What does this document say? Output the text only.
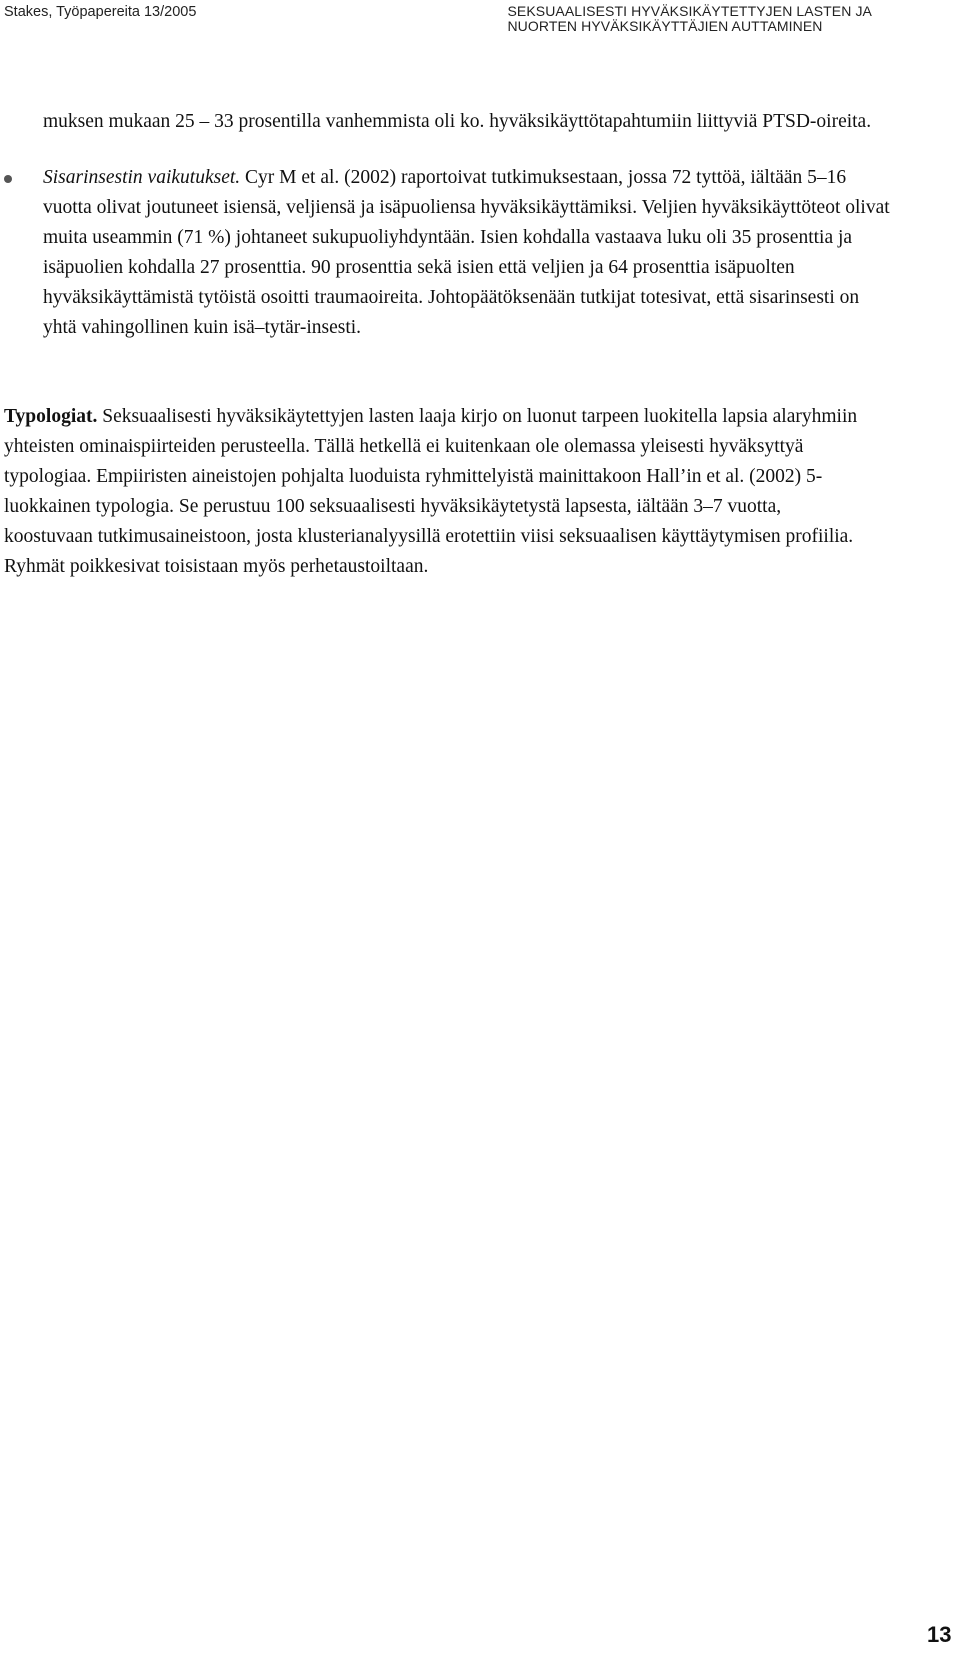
Stakes, Työpapereita 13/2005	SEKSUAALISESTI HYVÄKSIKÄYTETTYJEN LASTEN JA
NUORTEN HYVÄKSIKÄYTTÄJIEN AUTTAMINEN

muksen mukaan 25 – 33 prosentilla vanhemmista oli ko. hyväksikäyttötapahtumiin liittyviä PTSD-oireita.

Sisarinsestin vaikutukset. Cyr M et al. (2002) raportoivat tutkimuksestaan, jossa 72 tyttöä, iältään 5–16 vuotta olivat joutuneet isiensä, veljiensä ja isäpuoliensa hyväksikäyttämiksi. Veljien hyväksikäyttöteot olivat muita useammin (71 %) johtaneet sukupuoliyhdyntään. Isien kohdalla vastaava luku oli 35 prosenttia ja isäpuolien kohdalla 27 prosenttia. 90 prosenttia sekä isien että veljien ja 64 prosenttia isäpuolten hyväksikäyttämistä tytöistä osoitti traumaoireita. Johtopäätöksenään tutkijat totesivat, että sisarinsesti on yhtä vahingollinen kuin isä–tytär-insesti.

Typologiat. Seksuaalisesti hyväksikäytettyjen lasten laaja kirjo on luonut tarpeen luokitella lapsia alaryhmiin yhteisten ominaispiirteiden perusteella. Tällä hetkellä ei kuitenkaan ole olemassa yleisesti hyväksyttyä typologiaa. Empiiristen aineistojen pohjalta luoduista ryhmittelyistä mainittakoon Hall’in et al. (2002) 5-luokkainen typologia. Se perustuu 100 seksuaalisesti hyväksikäytetystä lapsesta, iältään 3–7 vuotta, koostuvaan tutkimusaineistoon, josta klusterianalyysillä erotettiin viisi seksuaalisen käyttäytymisen profiilia. Ryhmät poikkesivat toisistaan myös perhetaustoiltaan.

13
